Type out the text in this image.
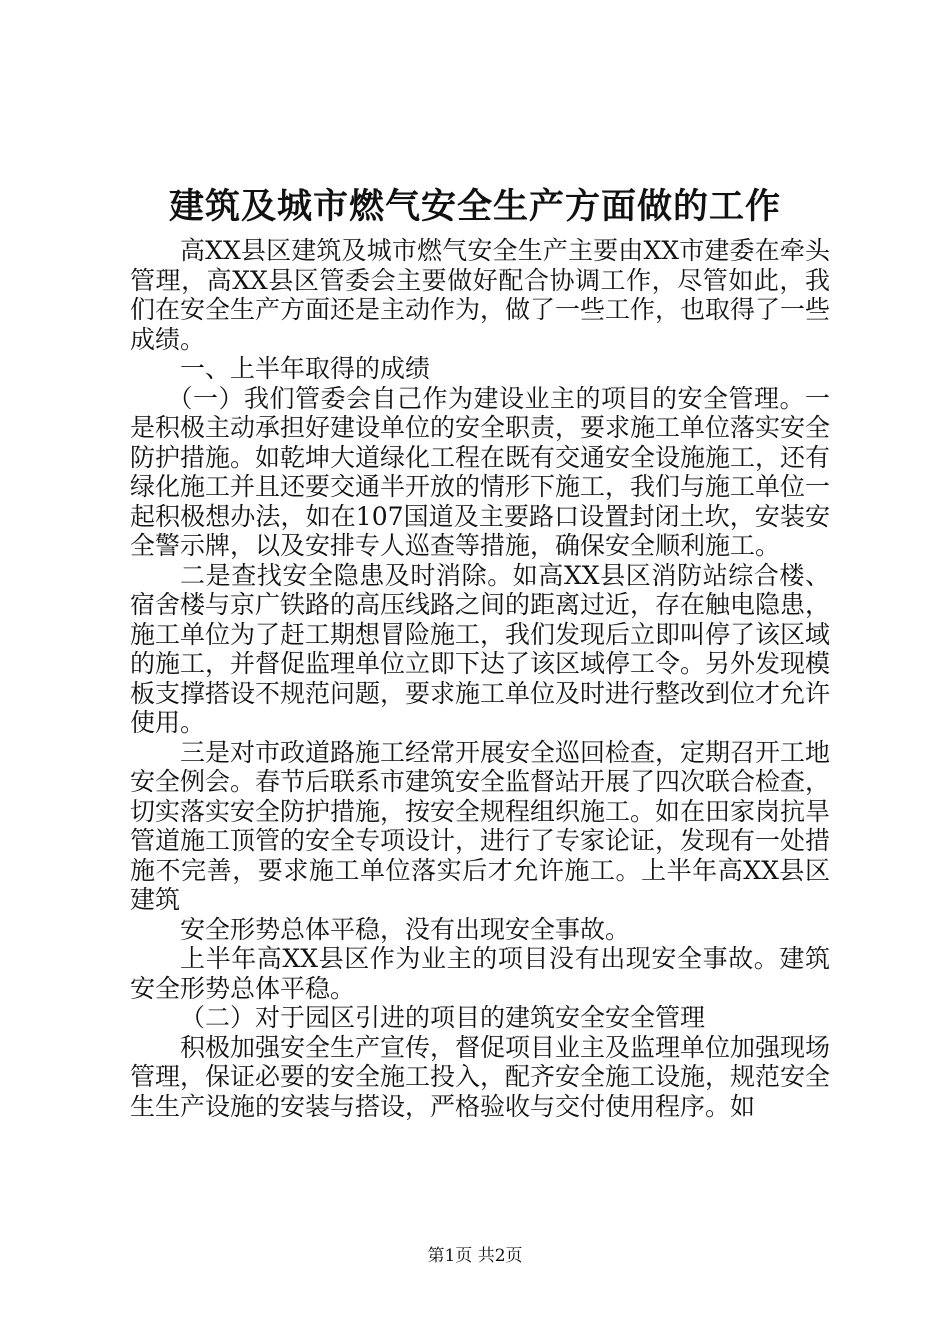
建筑及城市燃气安全生产方面做的工作

高XX县区建筑及城市燃气安全生产主要由XX市建委在牵头管理，高XX县区管委会主要做好配合协调工作，尽管如此，我们在安全生产方面还是主动作为，做了一些工作，也取得了一些成绩。

一、上半年取得的成绩

（一）我们管委会自己作为建设业主的项目的安全管理。一是积极主动承担好建设单位的安全职责，要求施工单位落实安全防护措施。如乾坤大道绿化工程在既有交通安全设施施工，还有绿化施工并且还要交通半开放的情形下施工，我们与施工单位一起积极想办法，如在107国道及主要路口设置封闭土坎，安装安全警示牌，以及安排专人巡查等措施，确保安全顺利施工。

二是查找安全隐患及时消除。如高XX县区消防站综合楼、宿舍楼与京广铁路的高压线路之间的距离过近，存在触电隐患，施工单位为了赶工期想冒险施工，我们发现后立即叫停了该区域的施工，并督促监理单位立即下达了该区域停工令。另外发现模板支撑搭设不规范问题，要求施工单位及时进行整改到位才允许使用。

三是对市政道路施工经常开展安全巡回检查，定期召开工地安全例会。春节后联系市建筑安全监督站开展了四次联合检查，切实落实安全防护措施，按安全规程组织施工。如在田家岗抗旱管道施工顶管的安全专项设计，进行了专家论证，发现有一处措施不完善，要求施工单位落实后才允许施工。上半年高XX县区建筑

安全形势总体平稳，没有出现安全事故。

上半年高XX县区作为业主的项目没有出现安全事故。建筑安全形势总体平稳。

（二）对于园区引进的项目的建筑安全安全管理

积极加强安全生产宣传，督促项目业主及监理单位加强现场管理，保证必要的安全施工投入，配齐安全施工设施，规范安全生生产设施的安装与搭设，严格验收与交付使用程序。如

第1页 共2页
